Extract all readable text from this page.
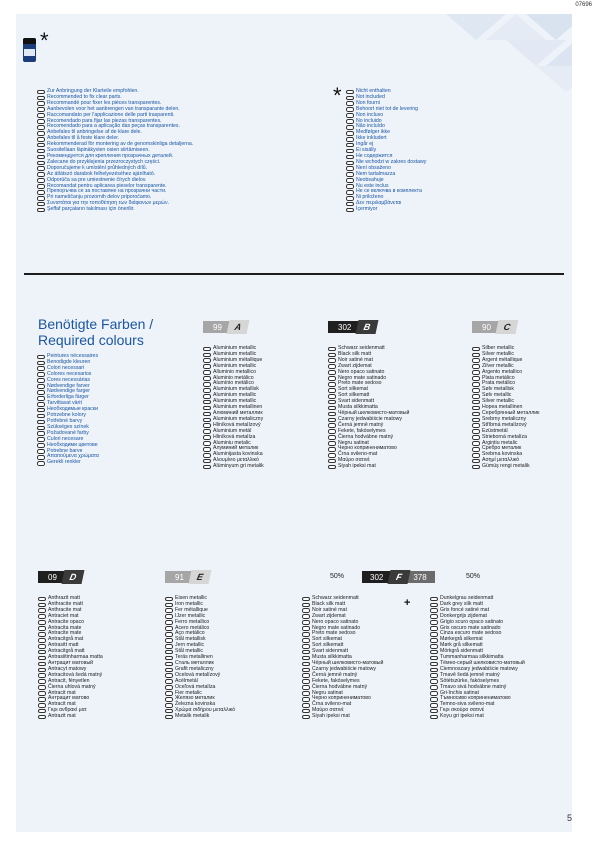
07696
*
*
Zur Anbringung der Klarteile empfohlen.
Recommended to fix clear parts.
Recommandé pour fixer les pièces transparentes.
Aanbevolen voor het aanbrengen van transparante delen.
Raccomandato per l'applicazione delle parti trasparenti.
Recomendado para fijar las piezas transparentes.
Recomendado para a aplicação das peças transparentes.
Anbefales til anbringelse af de klare dele.
Anbefales til å feste klare deler.
Rekommenderad för montering av de genomskinliga detaljerna.
Suositellaan läpinäkyvien osien siirtämiseen.
Рекомендуется для крепления прозрачных деталей.
Zalecane do przyklejenia przezroczystych części.
Doporučujeme k umístění průhledných dílů.
Az átlátszó darabok felhelyezéséhez ajánlható.
Odporúča sa pre umiestnenie čírych dielov.
Recomandat pentru aplicarea pieselor transparente.
Препоръчва се за поставяне на прозрачни части.
Pri nameščanju prozornih delov priporočamo.
Συνιστάται για την τοποθέτηση των διάφανων μερών.
Şeffaf parçaların takılması için önerilir.
Nicht enthalten
Not included
Non fourni
Behoort niet tot de levering
Non incluso
No incluido
Não incluído
Medfølger ikke
Ikke inkludert
Ingår ej
Ei sisälly
Не содержится
Nie wchodzi w zakres dostawy
Není obsaženo
Nem tartalmazza
Neobsahuje
Nu este inclus
Не се включва в комплекта
Ni priloženo
Δεν περιλαμβάνεται
İçermiyor
Benötigte Farben /
Required colours
Peintures nécessaires
Benodigde kleuren
Colori necessari
Colores necesarios
Cores necessárias
Nødvendige farver
Nødvendige farger
Erforderliga färger
Tarvittavat värit
Необходимые краски
Potrzebne kolory
Potřebné barvy
Szükséges színek
Požadované farby
Culori necesare
Необходими цветове
Potrebne barve
Απαιτούμενα χρώματα
Gerekli renkler
99	A	302	B	90	C
Aluminium metallic
Aluminium metallic
Aluminium métallique
Aluminium metallic
Alluminio metallico
Aluminio metálico
Alumínio metálico
Aluminium metallisk
Aluminium metallic
Aluminium metallic
Aluminium metallinen
Алюминий металлик
Aluminium metaliczny
Hliníková metalízový
Aluminium metál
Hliníková metalíza
Aluminiu metalic
Алуминий металик
Aluminijasta kovinska
Αλουμίνιο μεταλλικό
Alüminyum gri metalik
Schwarz seidenmatt
Black silk matt
Noir satiné mat
Zwart zijdemat
Nero opaco satinato
Negro mate satinado
Preto mate sedoso
Sort silkemat
Sort silkematt
Svart sidenmatt
Musta silkkimatta
Чёрный шелковисто-матовый
Czarny jedwabiście matowy
Černá jemně matný
Fekete, fakóselymes
Čierna hodvábne matný
Negru satinat
Черно копринениматово
Črna svileno-mat
Μαύρο σατινέ
Siyah ipeksi mat
Silber metallic
Silver metallic
Argent métallique
Zilver metallic
Argento metallico
Plata metálico
Prata metálico
Sølv metallisk
Sølv metallic
Silver metallic
Hopea metallinen
Серебрянный металлик
Srebrny metaliczny
Stříbrná metalízový
Ezüstmetál
Strieborná metalíza
Argintiu metalic
Сребро металик
Srebrna kovinska
Ασημί μεταλλικό
Gümüş rengi metalik
09	D	91	E	50%	302	F	378	50%
+
Anthrazit matt
Anthracite matt
Anthracite mat
Antraciet mat
Antracite opaco
Antracita mate
Antracite mate
Antracitgrå mat
Antrasitt matt
Antracitgrå matt
Antrasiitinharmaa matta
Антрацит матовый
Antracyt matowy
Antracitová šedá matný
Antracit, fényetlen
Čierna uhlová matný
Antracit mat
Антрацит матово
Antracit mat
Γκρι ανθρακί ματ
Antrazit mat
Eisen metallic
Iron metallic
Fer métallique
IJzer metallic
Ferro metallico
Acero metálico
Aço metálico
Stål metallisk
Jern metallic
Stål metallic
Teräs metallinen
Сталь металлик
Grafit metaliczny
Ocelová metalízový
Acélmetál
Oceľová metalíza
Fier metalic
Желязо металик
Železna kovinska
Χρώμα σιδήρου μεταλλικό
Metalik metalik
Schwarz seidenmatt
Black silk matt
Noir satiné mat
Zwart zijdemat
Nero opaco satinato
Negro mate satinado
Preto mate sedoso
Sort silkemat
Sort silkematt
Svart sidenmatt
Musta silkkimatta
Чёрный шелковисто-матовый
Czarny jedwabiście matowy
Černá jemně matný
Fekete, fakóselymes
Čierna hodvábne matný
Negru satinat
Черно копринениматово
Črna svileno-mat
Μαύρο σατινέ
Siyah ipeksi mat
Dunkelgrau seidenmatt
Dark grey silk matt
Gris foncé satiné mat
Donkergrijs zijdemat
Grigio scuro opaco satinato
Gris oscuro mate satinado
Cinza escuro mate sedoso
Mørkegrå silkemat
Mørk grå silkematt
Mörkgrå sidenmatt
Tummanharmaa silkkimatta
Тёмно-серый шелковисто-матовый
Ciemnoszary jedwabiście matowy
Tmavě šedá jemně matný
Sötétszürke, fakóselymes
Tmavo sivá hodvábne matný
Gri-închis satinat
Тъмносиво копринениматово
Temno-siva svileno-mat
Γκρι σκούρο σατινέ
Koyu gri ipeksi mat
5
